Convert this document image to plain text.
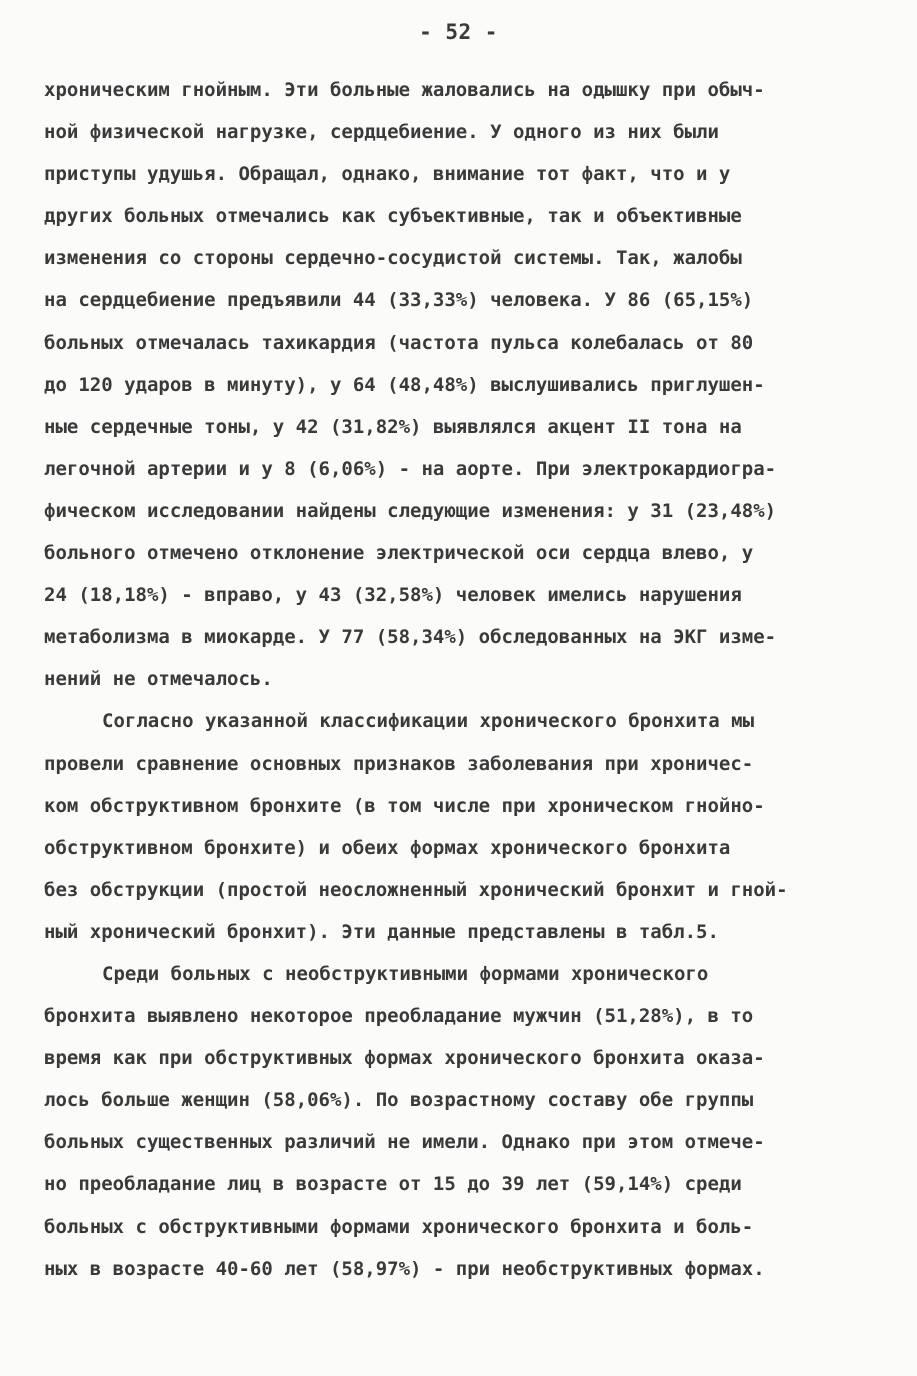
- 52 -
хроническим гнойным. Эти больные жаловались на одышку при обыч-
ной физической нагрузке, сердцебиение. У одного из них были
приступы удушья. Обращал, однако, внимание тот факт, что и у
других больных отмечались как субъективные, так и объективные
изменения со стороны сердечно-сосудистой системы. Так, жалобы
на сердцебиение предъявили 44 (33,33%) человека. У 86 (65,15%)
больных отмечалась тахикардия (частота пульса колебалась от 80
до 120 ударов в минуту), у 64 (48,48%) выслушивались приглушен-
ные сердечные тоны, у 42 (31,82%) выявлялся акцент II тона на
легочной артерии и у 8 (6,06%) - на аорте. При электрокардиогра-
фическом исследовании найдены следующие изменения: у 31 (23,48%)
больного отмечено отклонение электрической оси сердца влево, у
24 (18,18%) - вправо, у 43 (32,58%) человек имелись нарушения
метаболизма в миокарде. У 77 (58,34%) обследованных на ЭКГ изме-
нений не отмечалось.
Согласно указанной классификации хронического бронхита мы
провели сравнение основных признаков заболевания при хроничес-
ком обструктивном бронхите (в том числе при хроническом гнойно-
обструктивном бронхите) и обеих формах хронического бронхита
без обструкции (простой неосложненный хронический бронхит и гной-
ный хронический бронхит). Эти данные представлены в табл.5.
Среди больных с необструктивными формами хронического
бронхита выявлено некоторое преобладание мужчин (51,28%), в то
время как при обструктивных формах хронического бронхита оказа-
лось больше женщин (58,06%). По возрастному составу обе группы
больных существенных различий не имели. Однако при этом отмече-
но преобладание лиц в возрасте от 15 до 39 лет (59,14%) среди
больных с обструктивными формами хронического бронхита и боль-
ных в возрасте 40-60 лет (58,97%) - при необструктивных формах.
